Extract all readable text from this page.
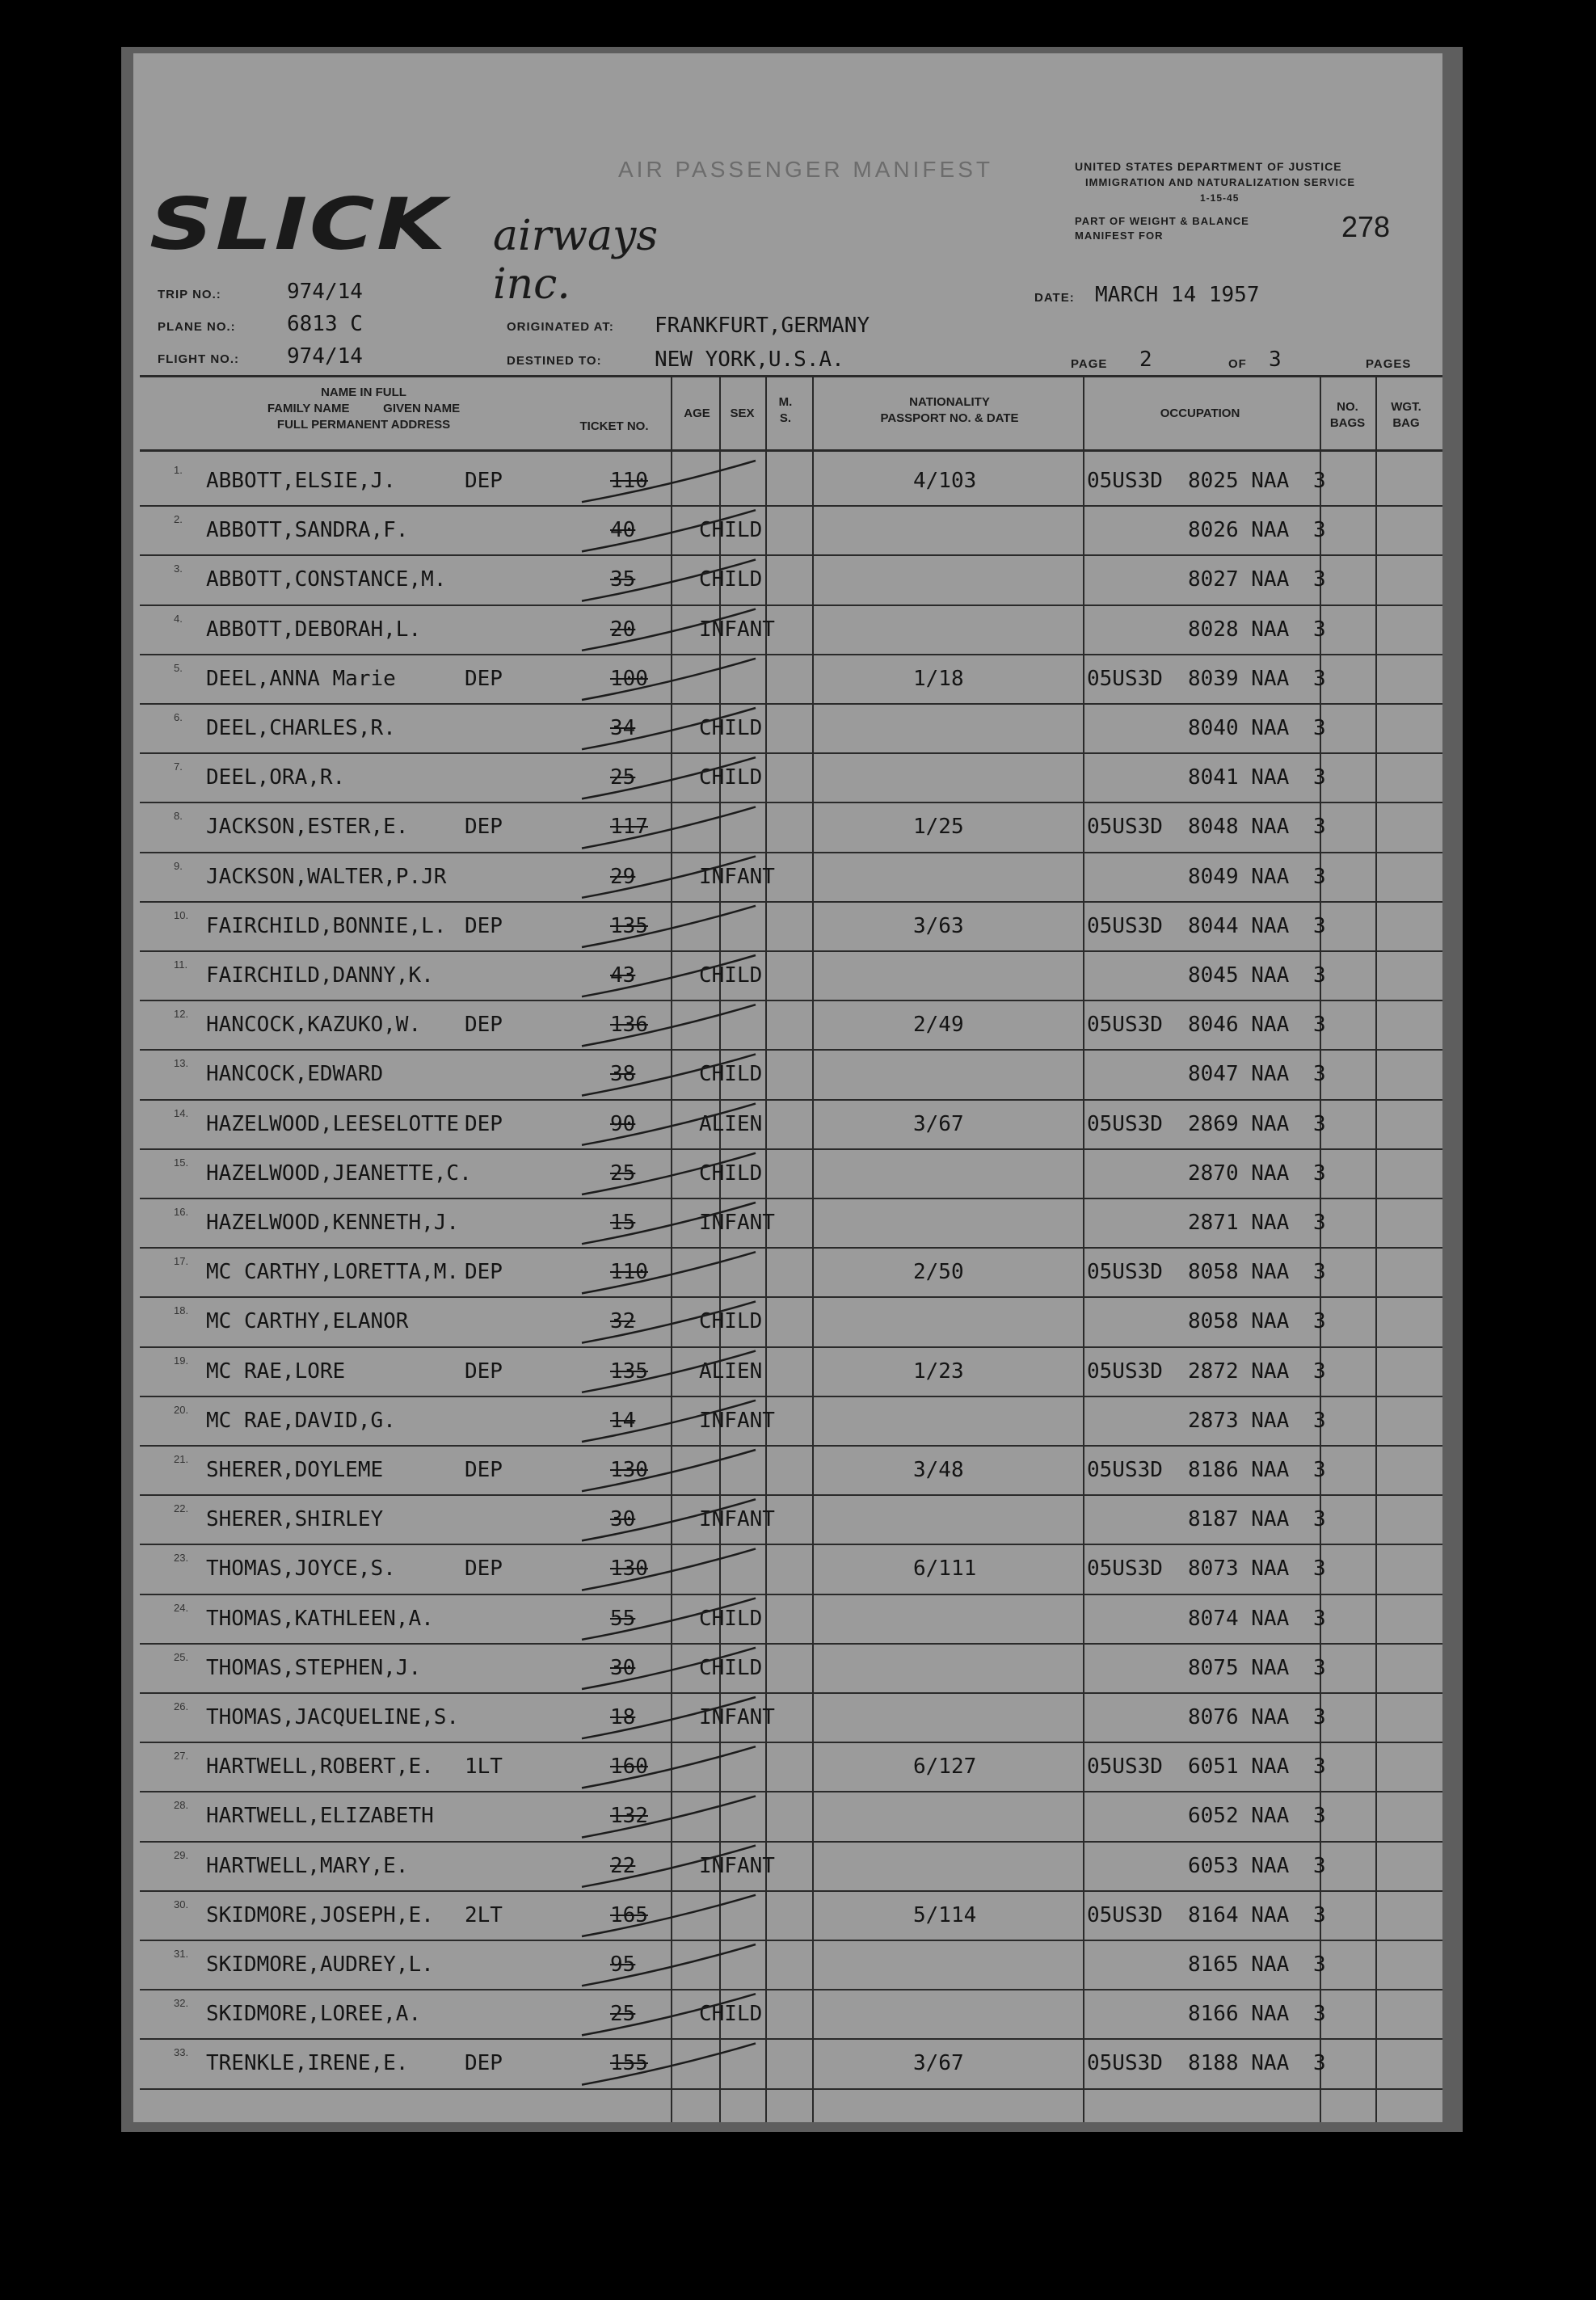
AIR PASSENGER MANIFEST
SLICK airways inc.
UNITED STATES DEPARTMENT OF JUSTICE
IMMIGRATION AND NATURALIZATION SERVICE
1-15-45
PART OF WEIGHT & BALANCE
MANIFEST FOR	278
TRIP NO.:	974/14
PLANE NO.: 6813 C
FLIGHT NO.: 974/14
ORIGINATED AT: FRANKFURT,GERMANY
DESTINED TO:	NEW YORK,U.S.A.
DATE: MARCH 14 1957
PAGE 2	OF 3	PAGES
NAME IN FULL
FAMILY NAME          GIVEN NAME
FULL PERMANENT ADDRESS	TICKET NO.
AGE	SEX
M.
S.
NATIONALITY
PASSPORT NO. & DATE	OCCUPATION	NO.
BAGS
WGT.
BAG
1. ABBOTT,ELSIE,J.	DEP	110	4/103	05US3D 8025 NAA 3
2. ABBOTT,SANDRA,F.	40	CHILD	8026 NAA 3
3. ABBOTT,CONSTANCE,M.	35	CHILD	8027 NAA 3
4. ABBOTT,DEBORAH,L.	20	INFANT	8028 NAA 3
5. DEEL,ANNA Marie	DEP	100	1/18	05US3D 8039 NAA 3
6. DEEL,CHARLES,R.	34	CHILD	8040 NAA 3
7. DEEL,ORA,R.	25	CHILD	8041 NAA 3
8. JACKSON,ESTER,E.	DEP	117	1/25	05US3D 8048 NAA 3
9. JACKSON,WALTER,P.JR	29	INFANT	8049 NAA 3
10. FAIRCHILD,BONNIE,L. DEP	135	3/63	05US3D 8044 NAA 3
11. FAIRCHILD,DANNY,K.	43	CHILD	8045 NAA 3
12. HANCOCK,KAZUKO,W. DEP	136	2/49	05US3D 8046 NAA 3
13. HANCOCK,EDWARD	38	CHILD	8047 NAA 3
14. HAZELWOOD,LEESELOTTE DEP	90	ALIEN	3/67	05US3D 2869 NAA 3
15. HAZELWOOD,JEANETTE,C.	25	CHILD	2870 NAA 3
16. HAZELWOOD,KENNETH,J.	15	INFANT	2871 NAA 3
17. MC CARTHY,LORETTA,M. DEP	110	2/50	05US3D 8058 NAA 3
18. MC CARTHY,ELANOR	32	CHILD	8058 NAA 3
19. MC RAE,LORE	DEP	135 ALIEN	1/23	05US3D 2872 NAA 3
20. MC RAE,DAVID,G.	14	INFANT	2873 NAA 3
21. SHERER,DOYLEME	DEP	130	3/48	05US3D 8186 NAA 3
22. SHERER,SHIRLEY	30	INFANT	8187 NAA 3
23. THOMAS,JOYCE,S.	DEP	130	6/111	05US3D 8073 NAA 3
24. THOMAS,KATHLEEN,A.	55	CHILD	8074 NAA 3
25. THOMAS,STEPHEN,J.	30	CHILD	8075 NAA 3
26. THOMAS,JACQUELINE,S.	18	INFANT	8076 NAA 3
27. HARTWELL,ROBERT,E. 1LT	160	6/127	05US3D 6051 NAA 3
28. HARTWELL,ELIZABETH	132	6052 NAA 3
29. HARTWELL,MARY,E.	22	INFANT	6053 NAA 3
30. SKIDMORE,JOSEPH,E. 2LT	165	5/114	05US3D 8164 NAA 3
31. SKIDMORE,AUDREY,L.	95	8165 NAA 3
32. SKIDMORE,LOREE,A.	25	CHILD	8166 NAA 3
33. TRENKLE,IRENE,E.	DEP	155	3/67	05US3D 8188 NAA 3
